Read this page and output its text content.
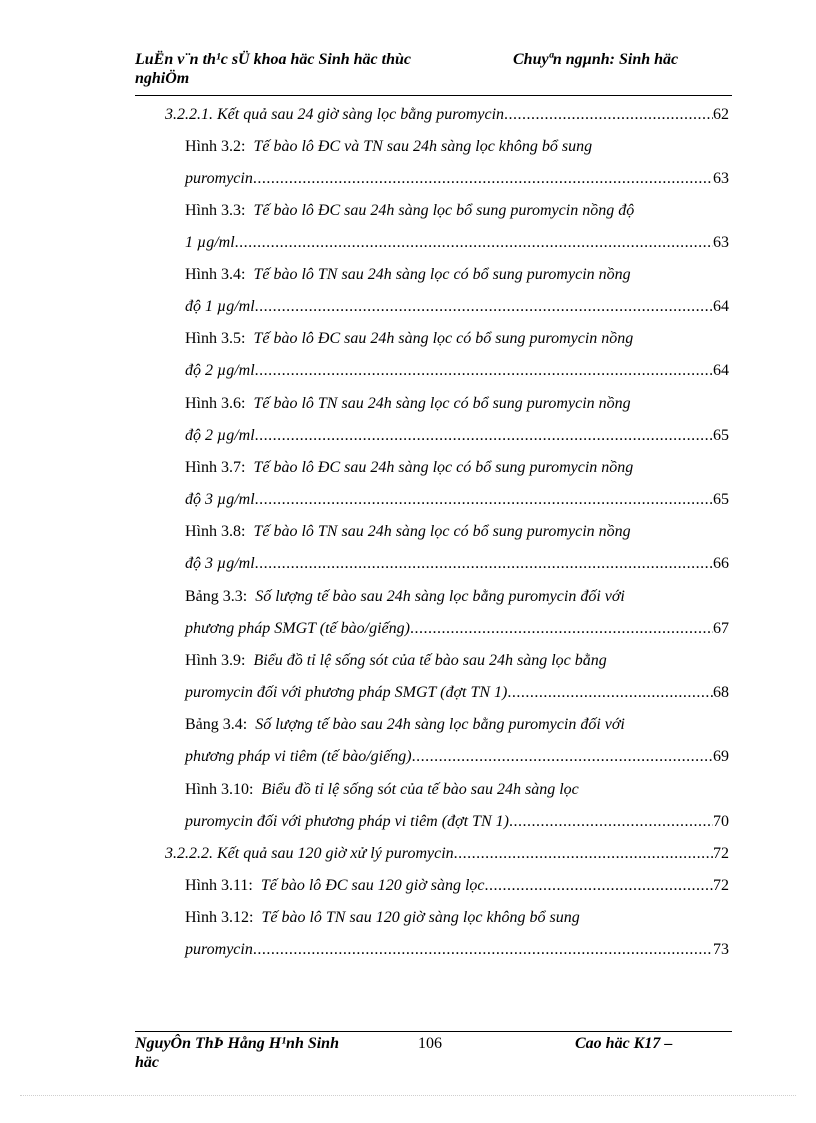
LuËn v¨n th¹c sÜ khoa häc Sinh häc thùc nghiÖm
Chuyªn ngµnh: Sinh häc
3.2.2.1. Kết quả sau 24 giờ sàng lọc bằng puromycin .....	62
Hình 3.2: Tế bào lô ĐC và TN sau 24h sàng lọc không bổ sung
puromycin .....	63
Hình 3.3: Tế bào lô ĐC sau 24h sàng lọc bổ sung puromycin nồng độ
1 µg/ml .....	63
Hình 3.4: Tế bào lô TN sau 24h sàng lọc có bổ sung puromycin nồng
độ 1 µg/ml .....	64
Hình 3.5: Tế bào lô ĐC sau 24h sàng lọc có bổ sung puromycin nồng
độ 2 µg/ml .....	64
Hình 3.6: Tế bào lô TN sau 24h sàng lọc có bổ sung puromycin nồng
độ 2 µg/ml .....	65
Hình 3.7: Tế bào lô ĐC sau 24h sàng lọc có bổ sung puromycin nồng
độ 3 µg/ml .....	65
Hình 3.8: Tế bào lô TN sau 24h sàng lọc có bổ sung puromycin nồng
độ 3 µg/ml .....	66
Bảng 3.3: Số lượng tế bào sau 24h sàng lọc bằng puromycin đối với
phương pháp SMGT (tế bào/giếng) .....	67
Hình 3.9: Biểu đồ tỉ lệ sống sót của tế bào sau 24h sàng lọc bằng
puromycin đối với phương pháp SMGT (đợt TN 1) .....	68
Bảng 3.4: Số lượng tế bào sau 24h sàng lọc bằng puromycin đối với
phương pháp vi tiêm (tế bào/giếng) .....	69
Hình 3.10: Biểu đồ tỉ lệ sống sót của tế bào sau 24h sàng lọc
puromycin đối với phương pháp vi tiêm (đợt TN 1) .....	70
3.2.2.2. Kết quả sau 120 giờ xử lý puromycin .....	72
Hình 3.11: Tế bào lô ĐC sau 120 giờ sàng lọc .....	72
Hình 3.12: Tế bào lô TN sau 120 giờ sàng lọc không bổ sung
puromycin .....	73
NguyÔn ThÞ Hång H¹nh Sinh häc
106	Cao häc K17 –
